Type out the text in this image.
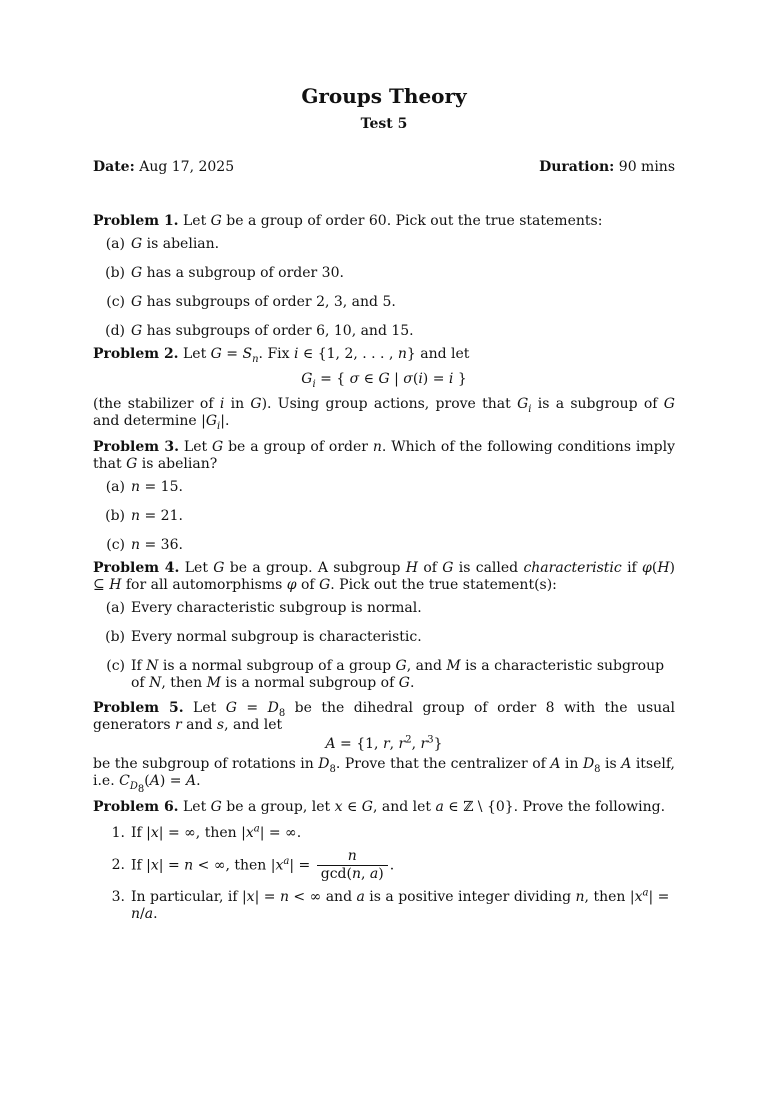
Groups Theory
Test 5
Date: Aug 17, 2025	Duration: 90 mins
Problem 1. Let G be a group of order 60. Pick out the true statements:
(a) G is abelian.
(b) G has a subgroup of order 30.
(c) G has subgroups of order 2, 3, and 5.
(d) G has subgroups of order 6, 10, and 15.
Problem 2. Let $G = S_n$. Fix i ∈ {1, 2, . . . , n} and let
$G_i$ = { σ ∈ G | σ(i) = i }
(the stabilizer of i in G). Using group actions, prove that $G_i$ is a subgroup of G and determine $|G_i|$.
Problem 3. Let G be a group of order n. Which of the following conditions imply that G is abelian?
(a) n = 15.
(b) n = 21.
(c) n = 36.
Problem 4. Let G be a group. A subgroup H of G is called characteristic if φ(H) ⊆ H for all automorphisms φ of G. Pick out the true statement(s):
(a) Every characteristic subgroup is normal.
(b) Every normal subgroup is characteristic.
(c) If N is a normal subgroup of a group G, and M is a characteristic subgroup of N, then M is a normal subgroup of G.
Problem 5. Let $G = D_8$ be the dihedral group of order 8 with the usual generators r and s, and let
A = {1, r, $r^2$, $r^3$}
be the subgroup of rotations in $D_8$. Prove that the centralizer of A in $D_8$ is A itself, i.e. $C_{D_8}(A) = A$.
Problem 6. Let G be a group, let x ∈ G, and let a ∈ ℤ \ {0}. Prove the following.
1. If |x| = ∞, then $|x^a|$ = ∞.
2. If |x| = n < ∞, then $|x^a| = \frac{n}{\gcd(n, a)}$ .
3. In particular, if |x| = n < ∞ and a is a positive integer dividing n, then $|x^a| = n/a$.
